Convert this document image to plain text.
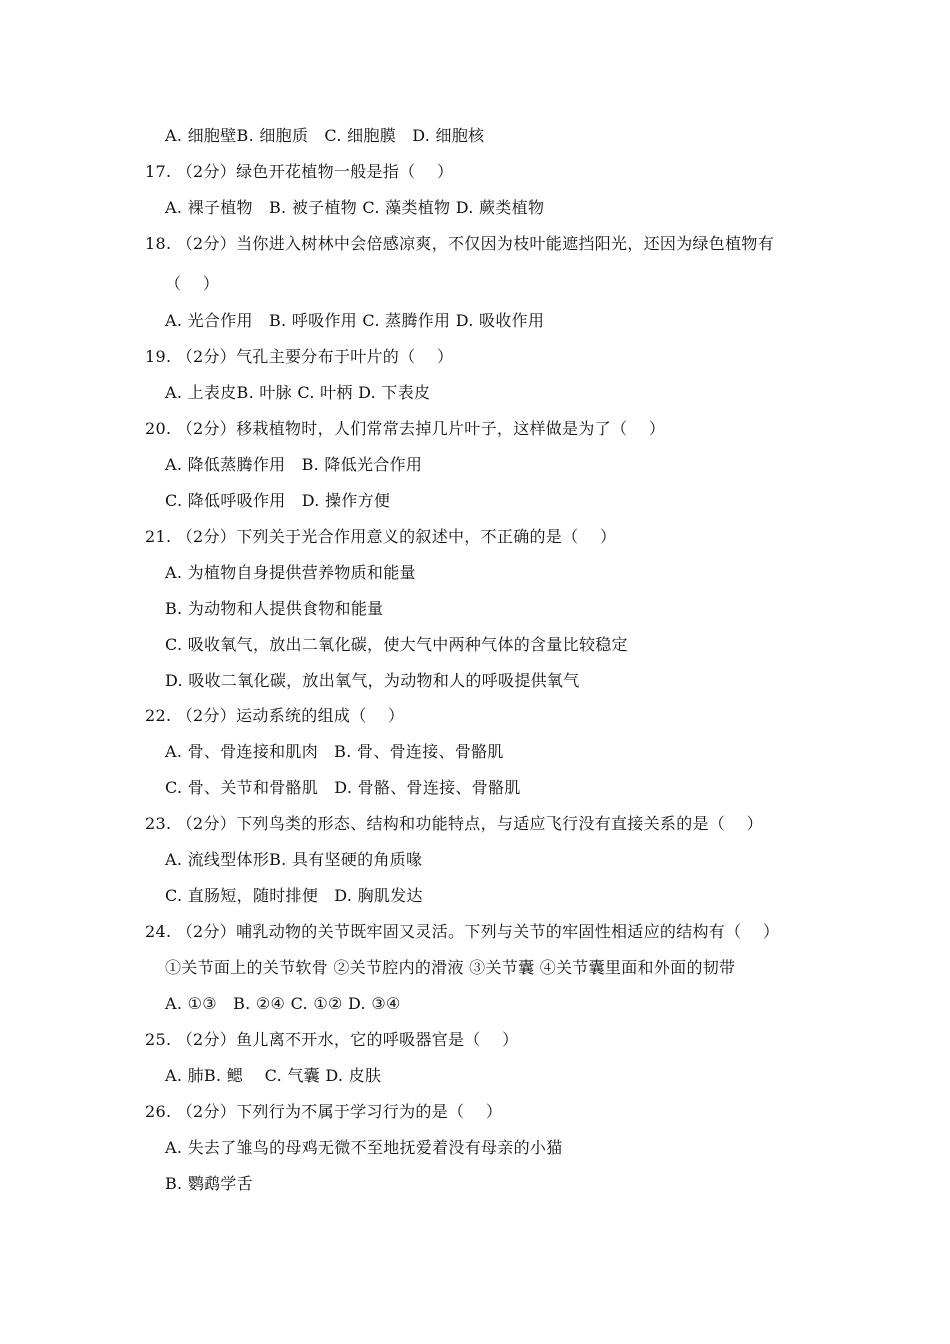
A. 细胞壁B. 细胞质   C. 细胞膜   D. 细胞核
17. （2分）绿色开花植物一般是指（    ）
A. 裸子植物   B. 被子植物 C. 藻类植物 D. 蕨类植物
18. （2分）当你进入树林中会倍感凉爽，不仅因为枝叶能遮挡阳光，还因为绿色植物有
（    ）
A. 光合作用   B. 呼吸作用 C. 蒸腾作用 D. 吸收作用
19. （2分）气孔主要分布于叶片的（    ）
A. 上表皮B. 叶脉 C. 叶柄 D. 下表皮
20. （2分）移栽植物时，人们常常去掉几片叶子，这样做是为了（    ）
A. 降低蒸腾作用   B. 降低光合作用
C. 降低呼吸作用   D. 操作方便
21. （2分）下列关于光合作用意义的叙述中，不正确的是（    ）
A. 为植物自身提供营养物质和能量
B. 为动物和人提供食物和能量
C. 吸收氧气，放出二氧化碳，使大气中两种气体的含量比较稳定
D. 吸收二氧化碳，放出氧气，为动物和人的呼吸提供氧气
22. （2分）运动系统的组成（    ）
A. 骨、骨连接和肌肉   B. 骨、骨连接、骨骼肌
C. 骨、关节和骨骼肌   D. 骨骼、骨连接、骨骼肌
23. （2分）下列鸟类的形态、结构和功能特点，与适应飞行没有直接关系的是（    ）
A. 流线型体形B. 具有坚硬的角质喙
C. 直肠短，随时排便   D. 胸肌发达
24. （2分）哺乳动物的关节既牢固又灵活。下列与关节的牢固性相适应的结构有（    ）
①关节面上的关节软骨 ②关节腔内的滑液 ③关节囊 ④关节囊里面和外面的韧带
A. ①③   B. ②④ C. ①② D. ③④
25. （2分）鱼儿离不开水，它的呼吸器官是（    ）
A. 肺B. 鳃    C. 气囊 D. 皮肤
26. （2分）下列行为不属于学习行为的是（    ）
A. 失去了雏鸟的母鸡无微不至地抚爱着没有母亲的小猫
B. 鹦鹉学舌
